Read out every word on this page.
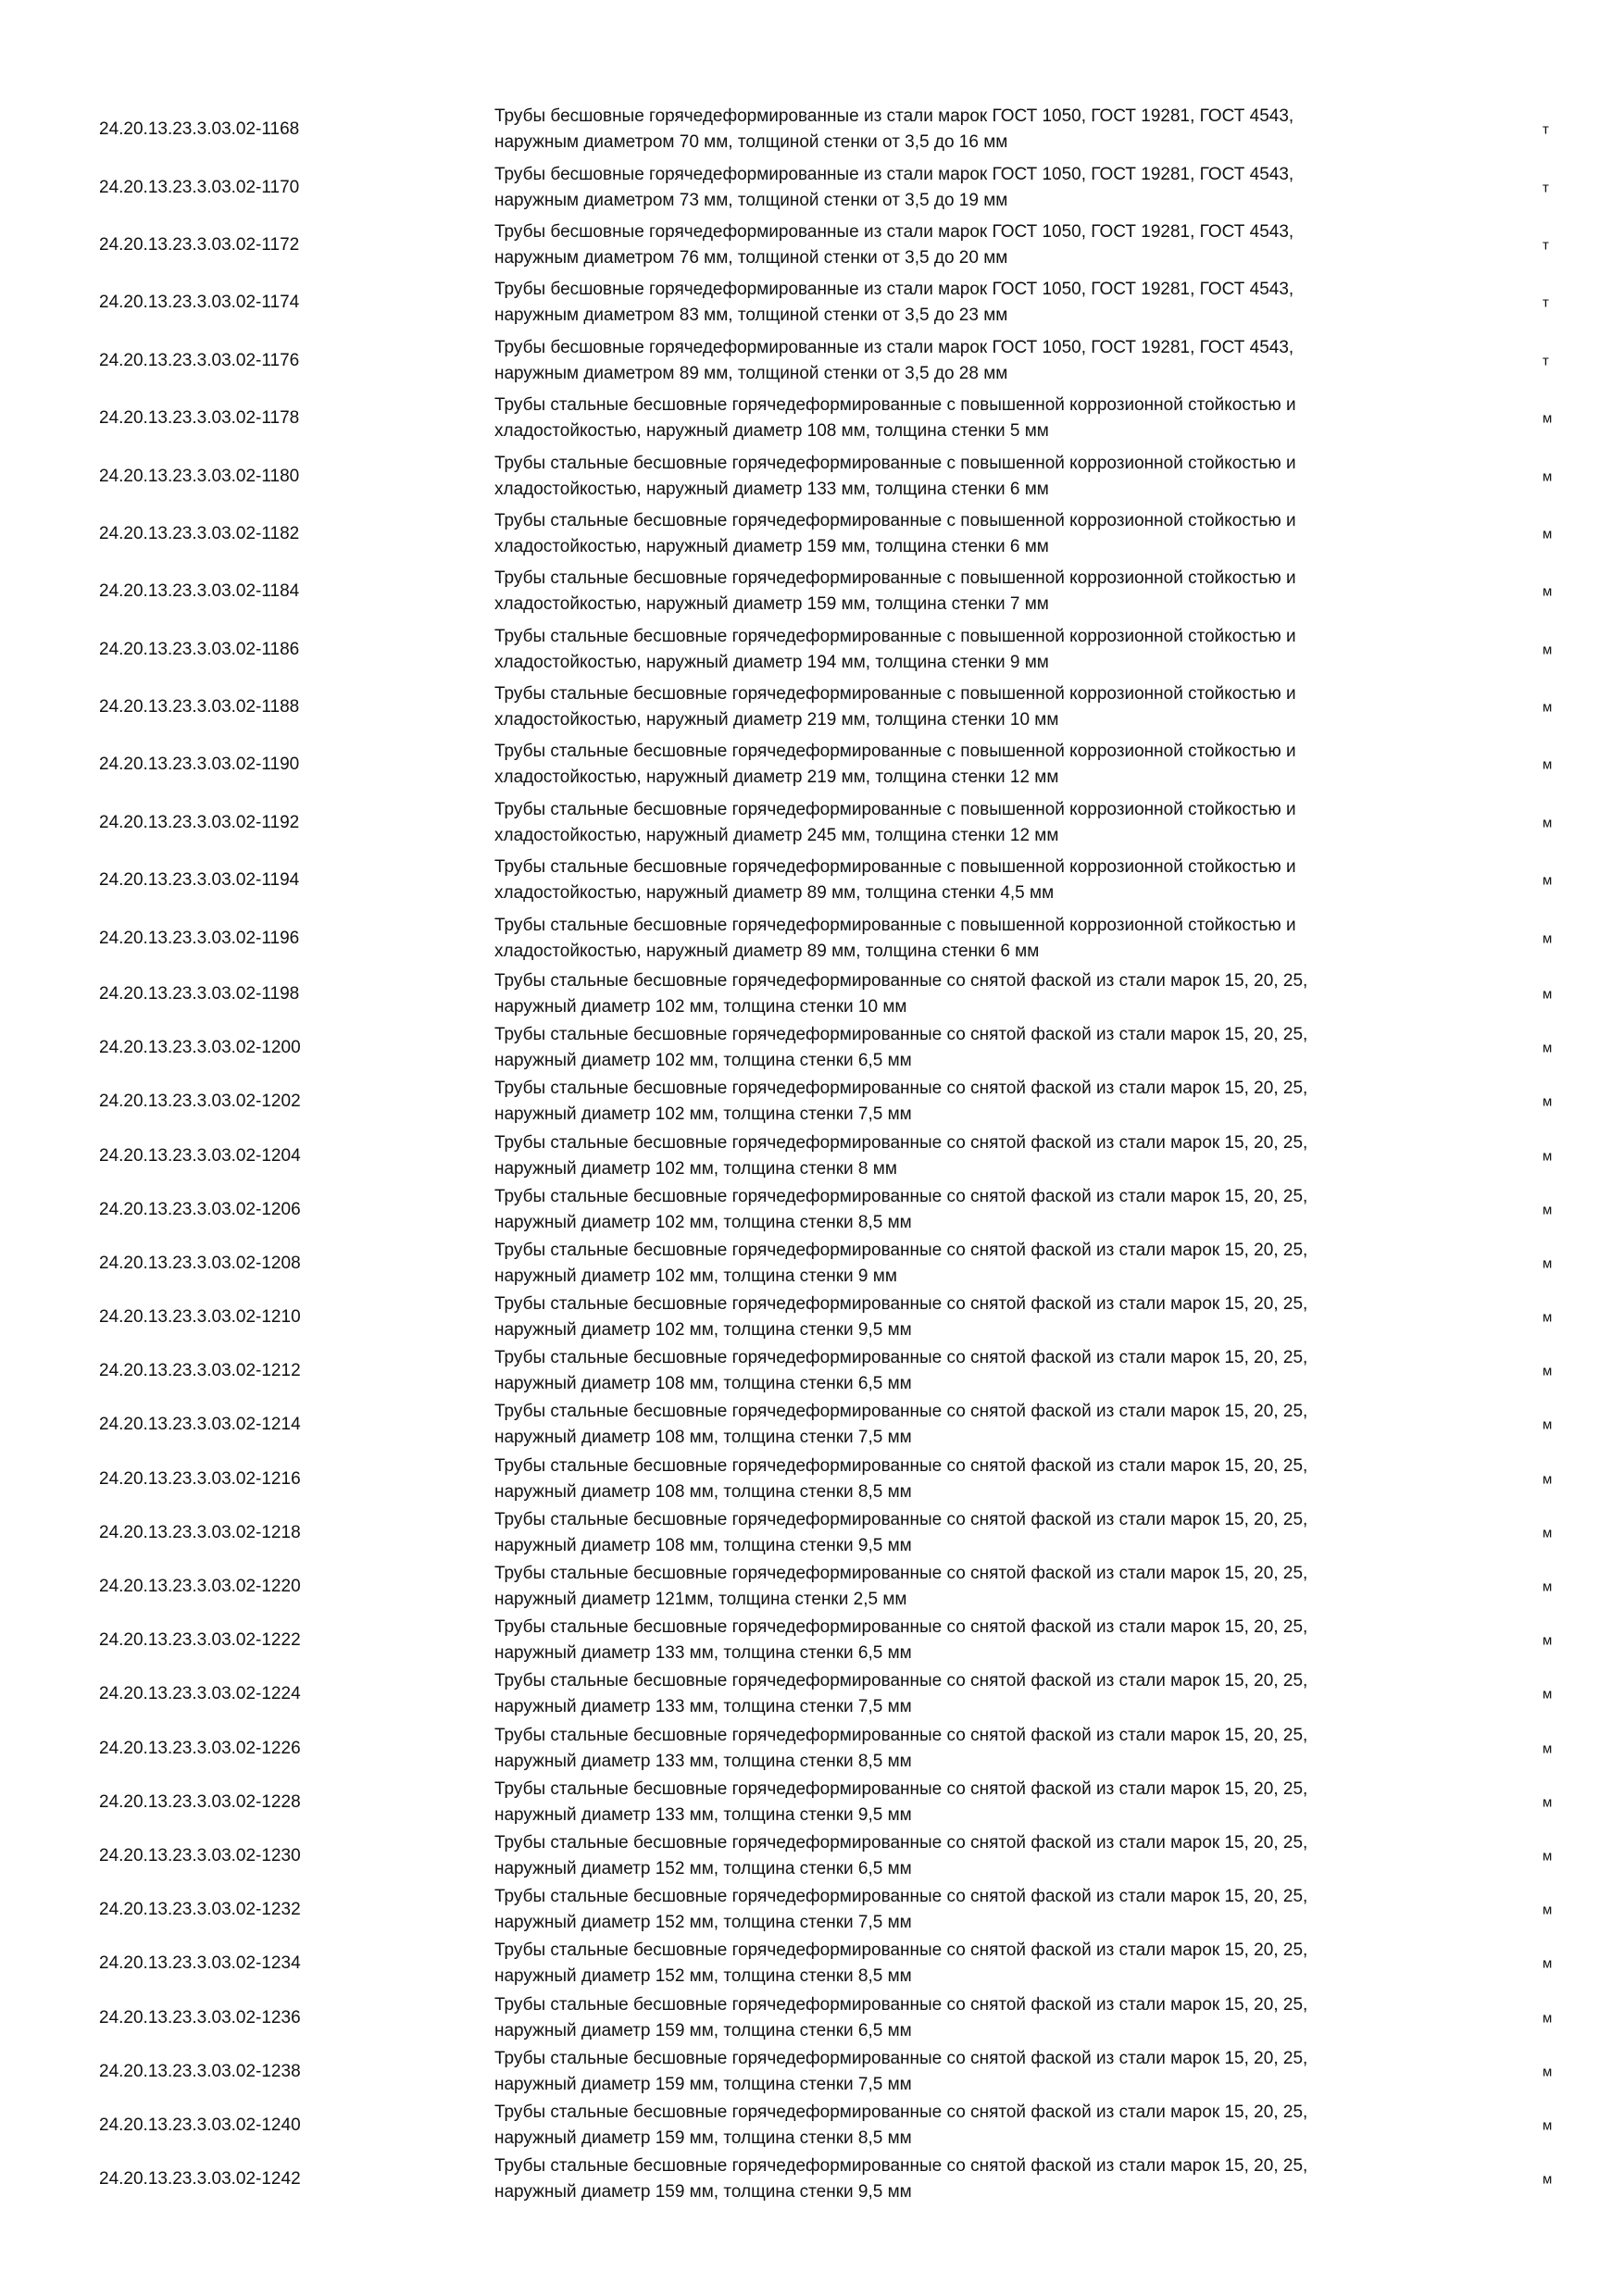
24.20.13.23.3.03.02-1168
Трубы бесшовные горячедеформированные из стали марок ГОСТ 1050, ГОСТ 19281, ГОСТ 4543,
наружным диаметром 70 мм, толщиной стенки от 3,5 до 16 мм
т
24.20.13.23.3.03.02-1170
Трубы бесшовные горячедеформированные из стали марок ГОСТ 1050, ГОСТ 19281, ГОСТ 4543,
наружным диаметром 73 мм, толщиной стенки от 3,5 до 19 мм
т
24.20.13.23.3.03.02-1172
Трубы бесшовные горячедеформированные из стали марок ГОСТ 1050, ГОСТ 19281, ГОСТ 4543,
наружным диаметром 76 мм, толщиной стенки от 3,5 до 20 мм
т
24.20.13.23.3.03.02-1174
Трубы бесшовные горячедеформированные из стали марок ГОСТ 1050, ГОСТ 19281, ГОСТ 4543,
наружным диаметром 83 мм, толщиной стенки от 3,5 до 23 мм
т
24.20.13.23.3.03.02-1176
Трубы бесшовные горячедеформированные из стали марок ГОСТ 1050, ГОСТ 19281, ГОСТ 4543,
наружным диаметром 89 мм, толщиной стенки от 3,5 до 28 мм
т
24.20.13.23.3.03.02-1178
Трубы стальные бесшовные горячедеформированные с повышенной коррозионной стойкостью и
хладостойкостью, наружный диаметр 108 мм, толщина стенки 5 мм
м
24.20.13.23.3.03.02-1180
Трубы стальные бесшовные горячедеформированные с повышенной коррозионной стойкостью и
хладостойкостью, наружный диаметр 133 мм, толщина стенки 6 мм
м
24.20.13.23.3.03.02-1182
Трубы стальные бесшовные горячедеформированные с повышенной коррозионной стойкостью и
хладостойкостью, наружный диаметр 159 мм, толщина стенки 6 мм
м
24.20.13.23.3.03.02-1184
Трубы стальные бесшовные горячедеформированные с повышенной коррозионной стойкостью и
хладостойкостью, наружный диаметр 159 мм, толщина стенки 7 мм
м
24.20.13.23.3.03.02-1186
Трубы стальные бесшовные горячедеформированные с повышенной коррозионной стойкостью и
хладостойкостью, наружный диаметр 194 мм, толщина стенки 9 мм
м
24.20.13.23.3.03.02-1188
Трубы стальные бесшовные горячедеформированные с повышенной коррозионной стойкостью и
хладостойкостью, наружный диаметр 219 мм, толщина стенки 10 мм
м
24.20.13.23.3.03.02-1190
Трубы стальные бесшовные горячедеформированные с повышенной коррозионной стойкостью и
хладостойкостью, наружный диаметр 219 мм, толщина стенки 12 мм
м
24.20.13.23.3.03.02-1192
Трубы стальные бесшовные горячедеформированные с повышенной коррозионной стойкостью и
хладостойкостью, наружный диаметр 245 мм, толщина стенки 12 мм
м
24.20.13.23.3.03.02-1194
Трубы стальные бесшовные горячедеформированные с повышенной коррозионной стойкостью и
хладостойкостью, наружный диаметр 89 мм, толщина стенки 4,5 мм
м
24.20.13.23.3.03.02-1196
Трубы стальные бесшовные горячедеформированные с повышенной коррозионной стойкостью и
хладостойкостью, наружный диаметр 89 мм, толщина стенки 6 мм
м
24.20.13.23.3.03.02-1198
Трубы стальные бесшовные горячедеформированные со снятой фаской из стали марок 15, 20, 25,
наружный диаметр 102 мм, толщина стенки 10 мм
м
24.20.13.23.3.03.02-1200
Трубы стальные бесшовные горячедеформированные со снятой фаской из стали марок 15, 20, 25,
наружный диаметр 102 мм, толщина стенки 6,5 мм
м
24.20.13.23.3.03.02-1202
Трубы стальные бесшовные горячедеформированные со снятой фаской из стали марок 15, 20, 25,
наружный диаметр 102 мм, толщина стенки 7,5 мм
м
24.20.13.23.3.03.02-1204
Трубы стальные бесшовные горячедеформированные со снятой фаской из стали марок 15, 20, 25,
наружный диаметр 102 мм, толщина стенки 8 мм
м
24.20.13.23.3.03.02-1206
Трубы стальные бесшовные горячедеформированные со снятой фаской из стали марок 15, 20, 25,
наружный диаметр 102 мм, толщина стенки 8,5 мм
м
24.20.13.23.3.03.02-1208
Трубы стальные бесшовные горячедеформированные со снятой фаской из стали марок 15, 20, 25,
наружный диаметр 102 мм, толщина стенки 9 мм
м
24.20.13.23.3.03.02-1210
Трубы стальные бесшовные горячедеформированные со снятой фаской из стали марок 15, 20, 25,
наружный диаметр 102 мм, толщина стенки 9,5 мм
м
24.20.13.23.3.03.02-1212
Трубы стальные бесшовные горячедеформированные со снятой фаской из стали марок 15, 20, 25,
наружный диаметр 108 мм, толщина стенки 6,5 мм
м
24.20.13.23.3.03.02-1214
Трубы стальные бесшовные горячедеформированные со снятой фаской из стали марок 15, 20, 25,
наружный диаметр 108 мм, толщина стенки 7,5 мм
м
24.20.13.23.3.03.02-1216
Трубы стальные бесшовные горячедеформированные со снятой фаской из стали марок 15, 20, 25,
наружный диаметр 108 мм, толщина стенки 8,5 мм
м
24.20.13.23.3.03.02-1218
Трубы стальные бесшовные горячедеформированные со снятой фаской из стали марок 15, 20, 25,
наружный диаметр 108 мм, толщина стенки 9,5 мм
м
24.20.13.23.3.03.02-1220
Трубы стальные бесшовные горячедеформированные со снятой фаской из стали марок 15, 20, 25,
наружный диаметр 121мм, толщина стенки 2,5 мм
м
24.20.13.23.3.03.02-1222
Трубы стальные бесшовные горячедеформированные со снятой фаской из стали марок 15, 20, 25,
наружный диаметр 133 мм, толщина стенки 6,5 мм
м
24.20.13.23.3.03.02-1224
Трубы стальные бесшовные горячедеформированные со снятой фаской из стали марок 15, 20, 25,
наружный диаметр 133 мм, толщина стенки 7,5 мм
м
24.20.13.23.3.03.02-1226
Трубы стальные бесшовные горячедеформированные со снятой фаской из стали марок 15, 20, 25,
наружный диаметр 133 мм, толщина стенки 8,5 мм
м
24.20.13.23.3.03.02-1228
Трубы стальные бесшовные горячедеформированные со снятой фаской из стали марок 15, 20, 25,
наружный диаметр 133 мм, толщина стенки 9,5 мм
м
24.20.13.23.3.03.02-1230
Трубы стальные бесшовные горячедеформированные со снятой фаской из стали марок 15, 20, 25,
наружный диаметр 152 мм, толщина стенки 6,5 мм
м
24.20.13.23.3.03.02-1232
Трубы стальные бесшовные горячедеформированные со снятой фаской из стали марок 15, 20, 25,
наружный диаметр 152 мм, толщина стенки 7,5 мм
м
24.20.13.23.3.03.02-1234
Трубы стальные бесшовные горячедеформированные со снятой фаской из стали марок 15, 20, 25,
наружный диаметр 152 мм, толщина стенки 8,5 мм
м
24.20.13.23.3.03.02-1236
Трубы стальные бесшовные горячедеформированные со снятой фаской из стали марок 15, 20, 25,
наружный диаметр 159 мм, толщина стенки 6,5 мм
м
24.20.13.23.3.03.02-1238
Трубы стальные бесшовные горячедеформированные со снятой фаской из стали марок 15, 20, 25,
наружный диаметр 159 мм, толщина стенки 7,5 мм
м
24.20.13.23.3.03.02-1240
Трубы стальные бесшовные горячедеформированные со снятой фаской из стали марок 15, 20, 25,
наружный диаметр 159 мм, толщина стенки 8,5 мм
м
24.20.13.23.3.03.02-1242
Трубы стальные бесшовные горячедеформированные со снятой фаской из стали марок 15, 20, 25,
наружный диаметр 159 мм, толщина стенки 9,5 мм
м
